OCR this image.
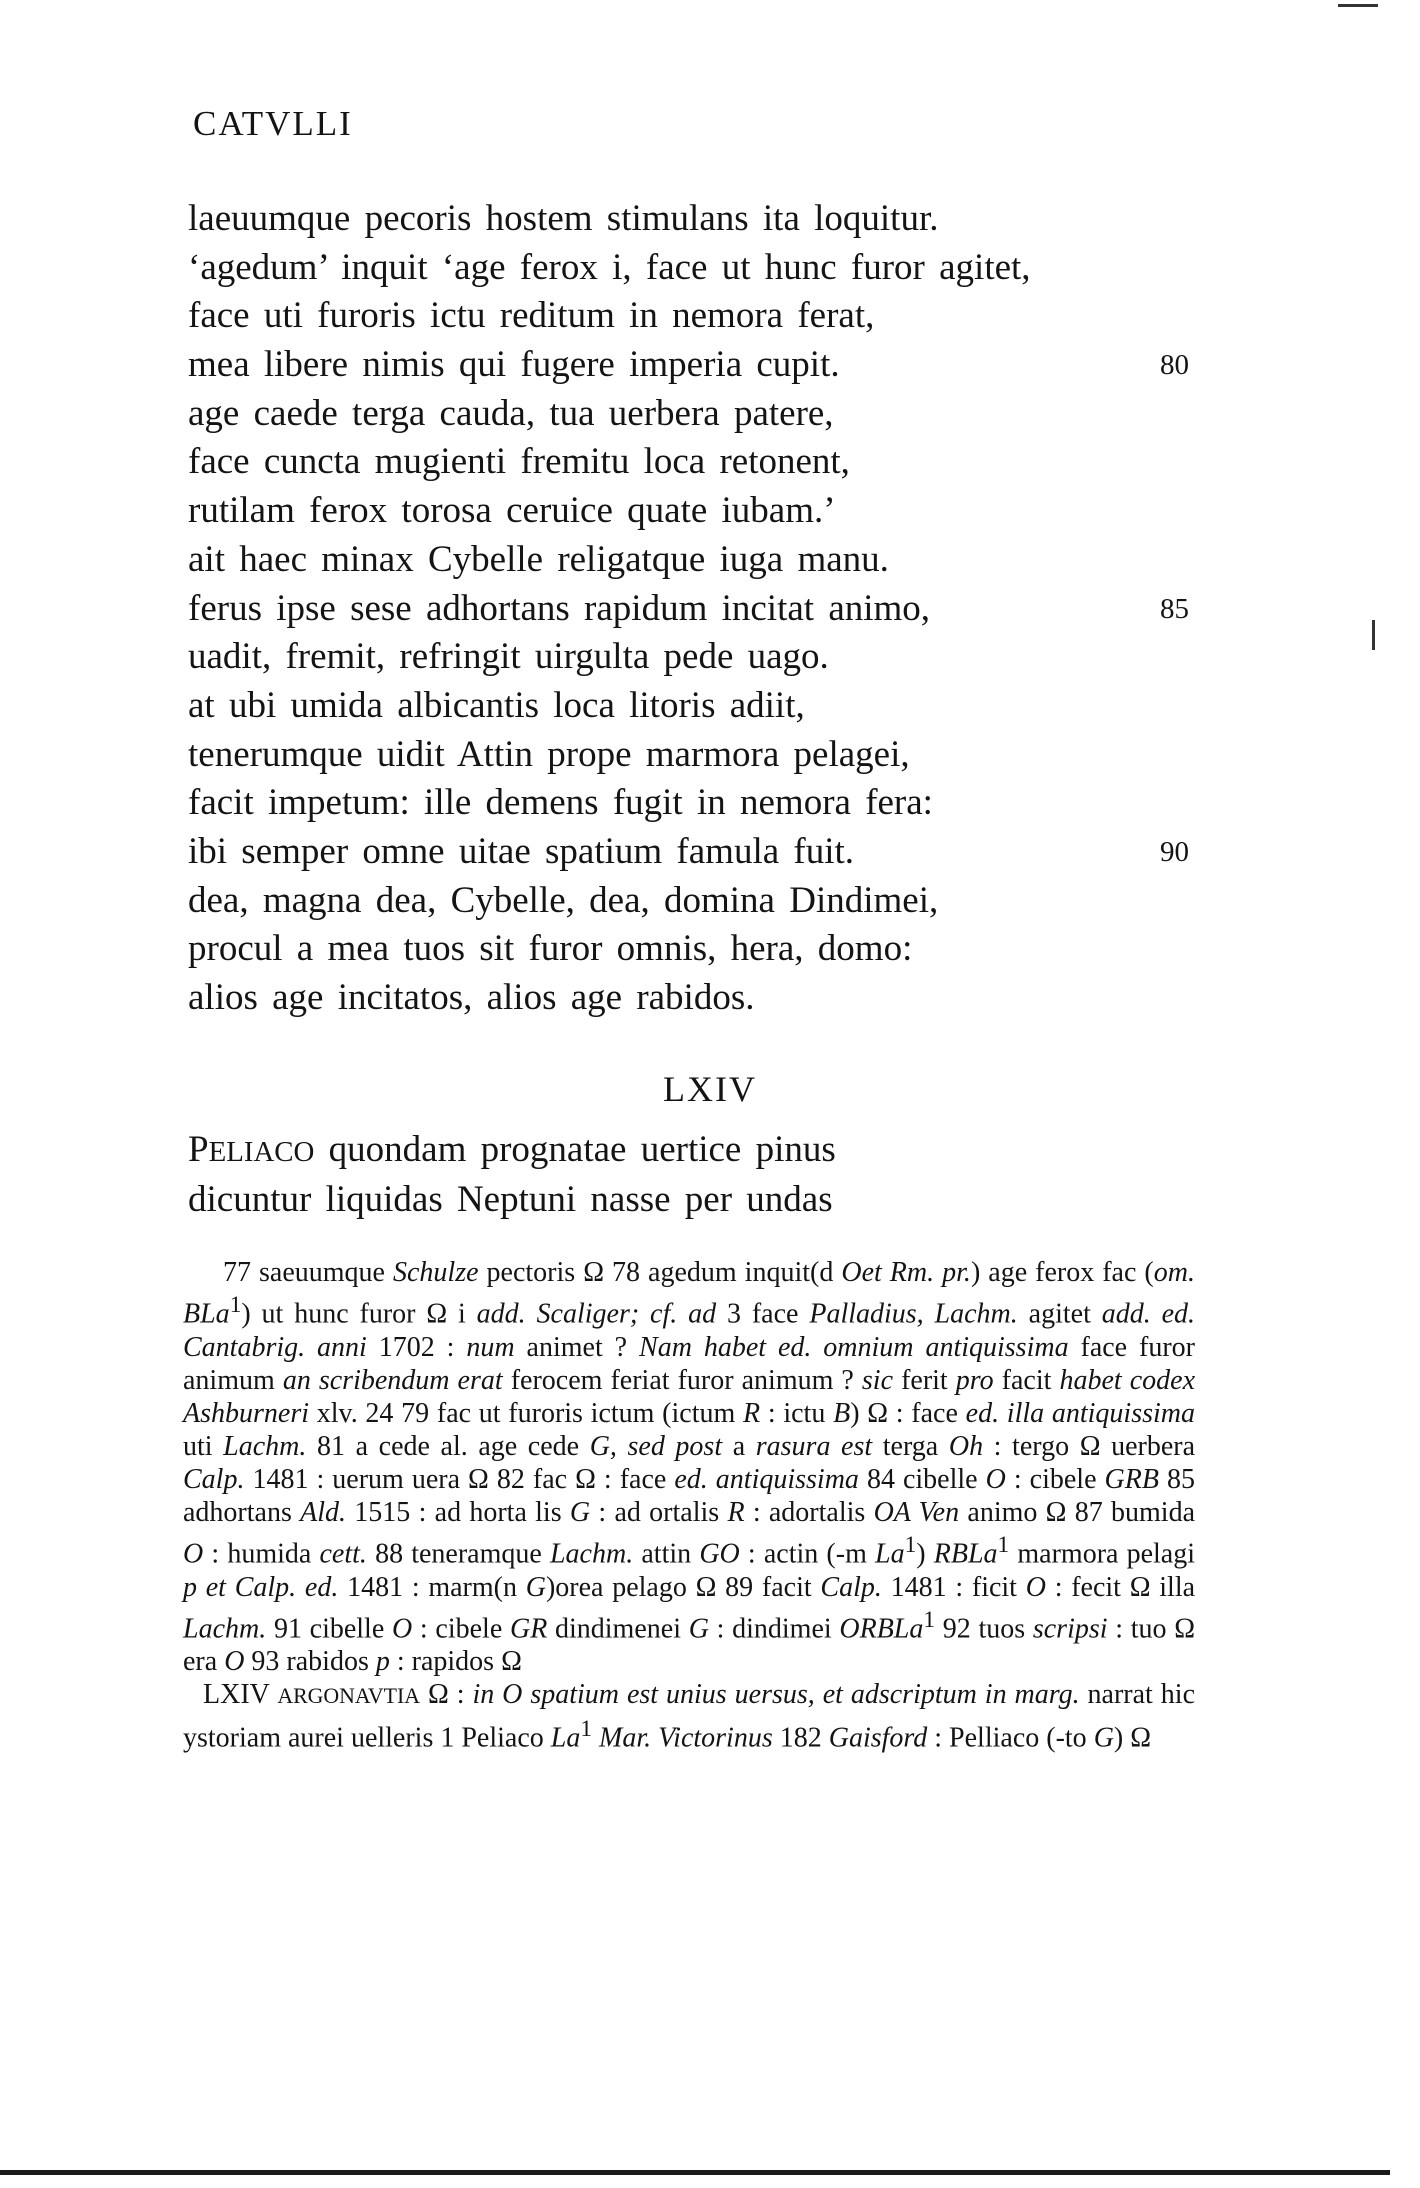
CATVLLI
laeuumque pecoris hostem stimulans ita loquitur.
‘agedum’ inquit ‘age ferox i, face ut hunc furor agitet,
face uti furoris ictu reditum in nemora ferat,
mea libere nimis qui fugere imperia cupit.	80
age caede terga cauda, tua uerbera patere,
face cuncta mugienti fremitu loca retonent,
rutilam ferox torosa ceruice quate iubam.’
ait haec minax Cybelle religatque iuga manu.
ferus ipse sese adhortans rapidum incitat animo,	85
uadit, fremit, refringit uirgulta pede uago.
at ubi umida albicantis loca litoris adiit,
tenerumque uidit Attin prope marmora pelagei,
facit impetum: ille demens fugit in nemora fera:
ibi semper omne uitae spatium famula fuit.	90
dea, magna dea, Cybelle, dea, domina Dindimei,
procul a mea tuos sit furor omnis, hera, domo:
alios age incitatos, alios age rabidos.
LXIV
PELIACO quondam prognatae uertice pinus
dicuntur liquidas Neptuni nasse per undas

77 saeuumque Schulze pectoris Ω 78 agedum inquit(d Oet Rm. pr.) age ferox fac (om. BLa$^1$) ut hunc furor Ω i add. Scaliger; cf. ad 3 face Palladius, Lachm. agitet add. ed. Cantabrig. anni 1702 : num animet ? Nam habet ed. omnium antiquissima face furor animum an scribendum erat ferocem feriat furor animum ? sic ferit pro facit habet codex Ashburneri xlv. 24 79 fac ut furoris ictum (ictum R : ictu B) Ω : face ed. illa antiquissima uti Lachm. 81 a cede al. age cede G, sed post a rasura est terga Oh : tergo Ω uerbera Calp. 1481 : uerum uera Ω 82 fac Ω : face ed. antiquissima 84 cibelle O : cibele GRB 85 adhortans Ald. 1515 : ad horta lis G : ad ortalis R : adortalis OA Ven animo Ω 87 bumida O : humida cett. 88 teneramque Lachm. attin GO : actin (-m La$^1$) RBLa$^1$ marmora pelagi p et Calp. ed. 1481 : marm(n G)orea pelago Ω 89 facit Calp. 1481 : ficit O : fecit Ω illa Lachm. 91 cibelle O : cibele GR dindimenei G : dindimei ORBLa$^1$ 92 tuos scripsi : tuo Ω era O 93 rabidos p : rapidos Ω

LXIV ARGONAVTIA Ω : in O spatium est unius uersus, et adscriptum in marg. narrat hic ystoriam aurei uelleris 1 Peliaco La$^1$ Mar. Victorinus 182 Gaisford : Pelliaco (-to G) Ω
